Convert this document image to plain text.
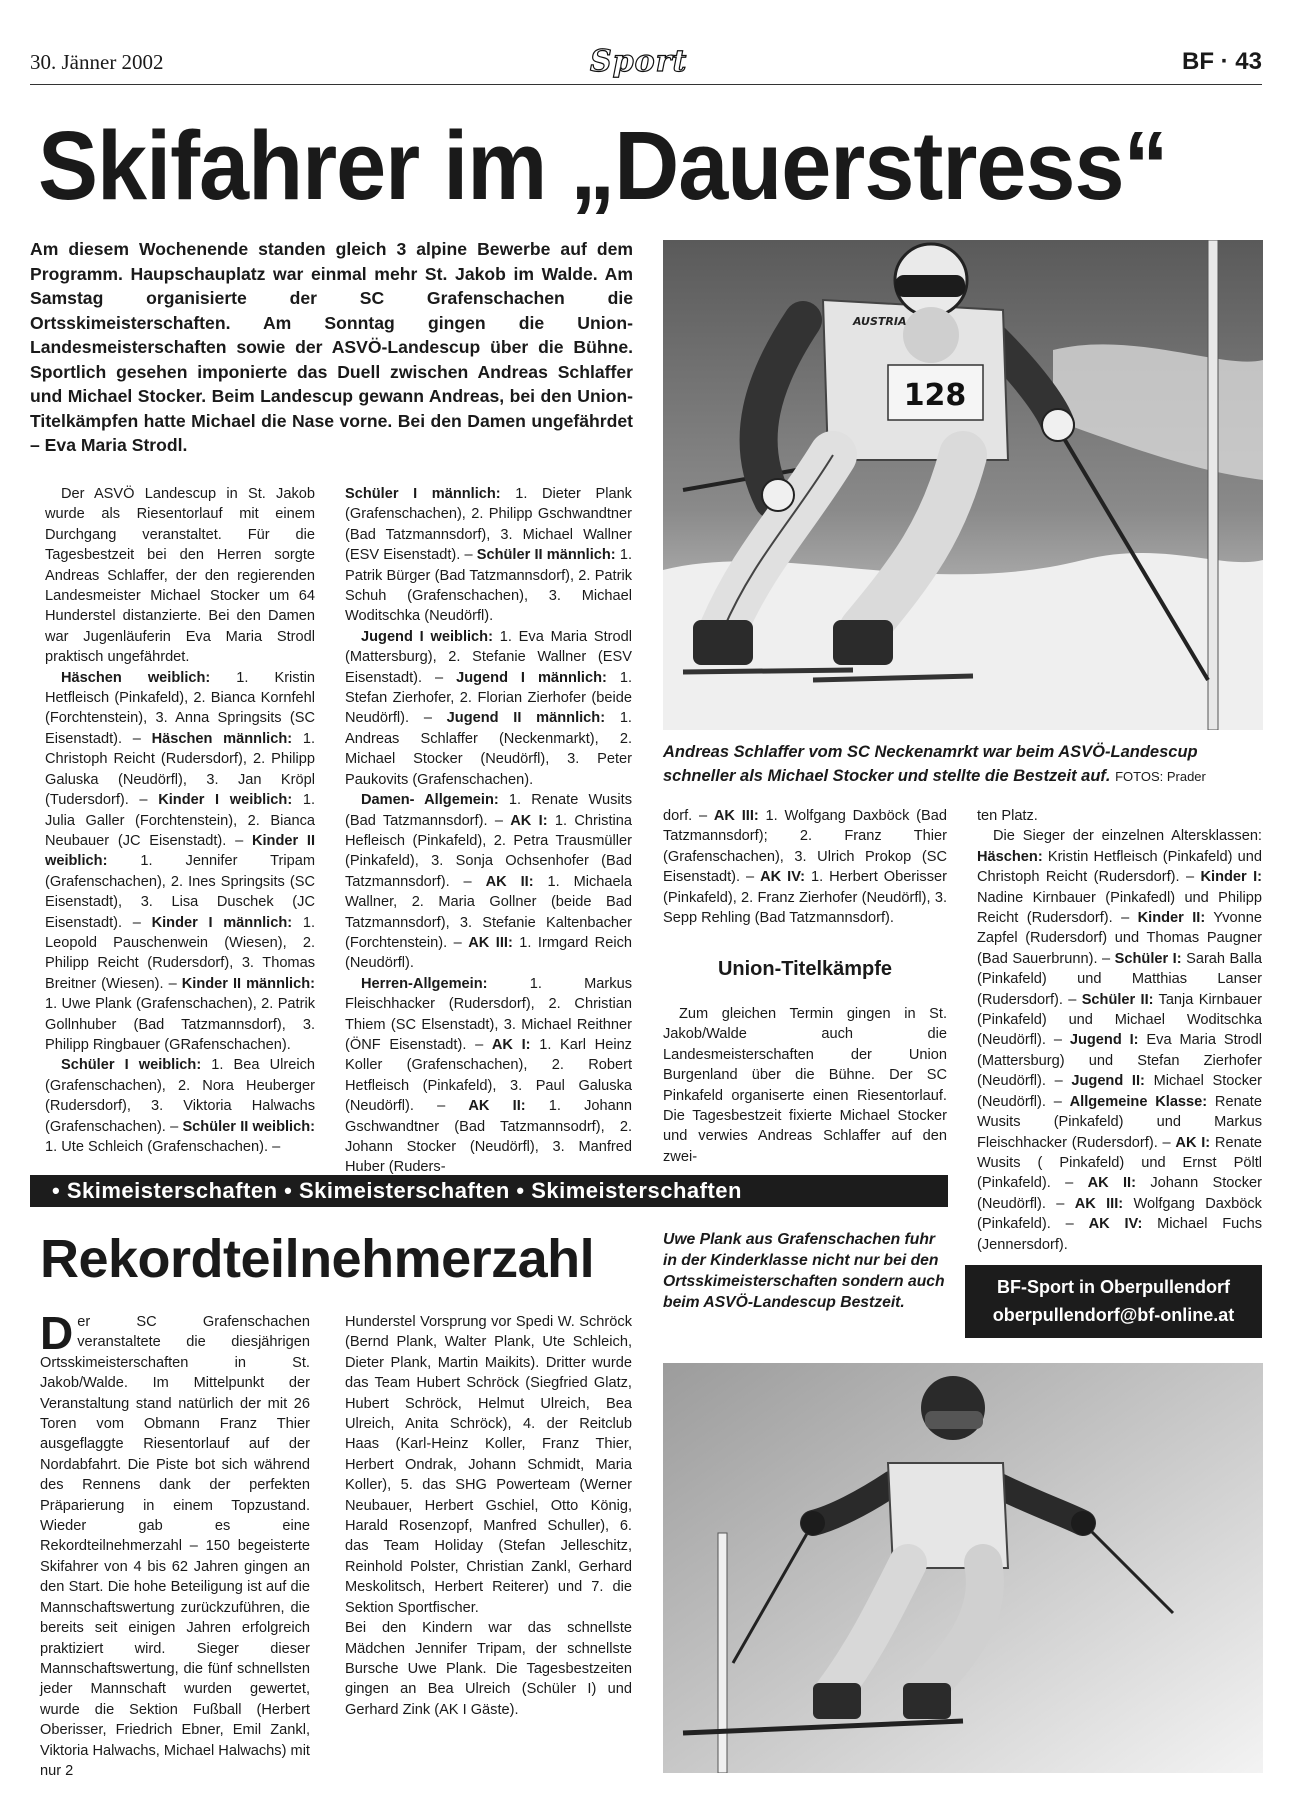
30. Jänner 2002	Sport	BF · 43
Skifahrer im „Dauerstress“
Am diesem Wochenende standen gleich 3 alpine Bewerbe auf dem Programm. Haupschauplatz war einmal mehr St. Jakob im Walde. Am Samstag organisierte der SC Grafenschachen die Ortsskimeisterschaften. Am Sonntag gingen die Union-Landesmeisterschaften sowie der ASVÖ-Landescup über die Bühne. Sportlich gesehen imponierte das Duell zwischen Andreas Schlaffer und Michael Stocker. Beim Landescup gewann Andreas, bei den Union-Titelkämpfen hatte Michael die Nase vorne. Bei den Damen ungefährdet – Eva Maria Strodl.

Der ASVÖ Landescup in St. Jakob wurde als Riesentorlauf mit einem Durchgang veranstaltet. Für die Tagesbestzeit bei den Herren sorgte Andreas Schlaffer, der den regierenden Landesmeister Michael Stocker um 64 Hunderstel distanzierte. Bei den Damen war Jugenläuferin Eva Maria Strodl praktisch ungefährdet.

Häschen weiblich: 1. Kristin Hetfleisch (Pinkafeld), 2. Bianca Kornfehl (Forchtenstein), 3. Anna Springsits (SC Eisenstadt). – Häschen männlich: 1. Christoph Reicht (Rudersdorf), 2. Philipp Galuska (Neudörfl), 3. Jan Kröpl (Tudersdorf). – Kinder I weiblich: 1. Julia Galler (Forchtenstein), 2. Bianca Neubauer (JC Eisenstadt). – Kinder II weiblich: 1. Jennifer Tripam (Grafenschachen), 2. Ines Springsits (SC Eisenstadt), 3. Lisa Duschek (JC Eisenstadt). – Kinder I männlich: 1. Leopold Pauschenwein (Wiesen), 2. Philipp Reicht (Rudersdorf), 3. Thomas Breitner (Wiesen). – Kinder II männlich: 1. Uwe Plank (Grafenschachen), 2. Patrik Gollnhuber (Bad Tatzmannsdorf), 3. Philipp Ringbauer (GRafenschachen).

Schüler I weiblich: 1. Bea Ulreich (Grafenschachen), 2. Nora Heuberger (Rudersdorf), 3. Viktoria Halwachs (Grafenschachen). – Schüler II weiblich: 1. Ute Schleich (Grafenschachen). –

Schüler I männlich: 1. Dieter Plank (Grafenschachen), 2. Philipp Gschwandtner (Bad Tatzmannsdorf), 3. Michael Wallner (ESV Eisenstadt). – Schüler II männlich: 1. Patrik Bürger (Bad Tatzmannsdorf), 2. Patrik Schuh (Grafenschachen), 3. Michael Woditschka (Neudörfl).

Jugend I weiblich: 1. Eva Maria Strodl (Mattersburg), 2. Stefanie Wallner (ESV Eisenstadt). – Jugend I männlich: 1. Stefan Zierhofer, 2. Florian Zierhofer (beide Neudörfl). – Jugend II männlich: 1. Andreas Schlaffer (Neckenmarkt), 2. Michael Stocker (Neudörfl), 3. Peter Paukovits (Grafenschachen).

Damen- Allgemein: 1. Renate Wusits (Bad Tatzmannsdorf). – AK I: 1. Christina Hefleisch (Pinkafeld), 2. Petra Trausmüller (Pinkafeld), 3. Sonja Ochsenhofer (Bad Tatzmannsdorf). – AK II: 1. Michaela Wallner, 2. Maria Gollner (beide Bad Tatzmannsdorf), 3. Stefanie Kaltenbacher (Forchtenstein). – AK III: 1. Irmgard Reich (Neudörfl).

Herren-Allgemein: 1. Markus Fleischhacker (Rudersdorf), 2. Christian Thiem (SC Elsenstadt), 3. Michael Reithner (ÖNF Eisenstadt). – AK I: 1. Karl Heinz Koller (Grafenschachen), 2. Robert Hetfleisch (Pinkafeld), 3. Paul Galuska (Neudörfl). – AK II: 1. Johann Gschwandtner (Bad Tatzmannsodrf), 2. Johann Stocker (Neudörfl), 3. Manfred Huber (Ruders-

dorf. – AK III: 1. Wolfgang Daxböck (Bad Tatzmannsdorf); 2. Franz Thier (Grafenschachen), 3. Ulrich Prokop (SC Eisenstadt). – AK IV: 1. Herbert Oberisser (Pinkafeld), 2. Franz Zierhofer (Neudörfl), 3. Sepp Rehling (Bad Tatzmannsdorf).

Union-Titelkämpfe

Zum gleichen Termin gingen in St. Jakob/Walde auch die Landesmeisterschaften der Union Burgenland über die Bühne. Der SC Pinkafeld organiserte einen Riesentorlauf. Die Tagesbestzeit fixierte Michael Stocker und verwies Andreas Schlaffer auf den zwei-

ten Platz.

Die Sieger der einzelnen Altersklassen: Häschen: Kristin Hetfleisch (Pinkafeld) und Christoph Reicht (Rudersdorf). – Kinder I: Nadine Kirnbauer (Pinkafedl) und Philipp Reicht (Rudersdorf). – Kinder II: Yvonne Zapfel (Rudersdorf) und Thomas Paugner (Bad Sauerbrunn). – Schüler I: Sarah Balla (Pinkafeld) und Matthias Lanser (Rudersdorf). – Schüler II: Tanja Kirnbauer (Pinkafeld) und Michael Woditschka (Neudörfl). – Jugend I: Eva Maria Strodl (Mattersburg) und Stefan Zierhofer (Neudörfl). – Jugend II: Michael Stocker (Neudörfl). – Allgemeine Klasse: Renate Wusits (Pinkafeld) und Markus Fleischhacker (Rudersdorf). – AK I: Renate Wusits ( Pinkafeld) und Ernst Pöltl (Pinkafeld). – AK II: Johann Stocker (Neudörfl). – AK III: Wolfgang Daxböck (Pinkafeld). – AK IV: Michael Fuchs (Jennersdorf).

128
AUSTRIA
Andreas Schlaffer vom SC Neckenamrkt war beim ASVÖ-Landescup schneller als Michael Stocker und stellte die Bestzeit auf. FOTOS: Prader
• Skimeisterschaften • Skimeisterschaften • Skimeisterschaften
Rekordteilnehmerzahl	Uwe Plank aus Grafenschachen fuhr in der Kinderklasse nicht nur bei den Ortsskimeisterschaften sondern auch beim ASVÖ-Landescup Bestzeit.
BF-Sport in Oberpullendorf
oberpullendorf@bf-online.at

Der SC Grafenschachen veranstaltete die diesjährigen Ortsskimeisterschaften in St. Jakob/Walde. Im Mittelpunkt der Veranstaltung stand natürlich der mit 26 Toren vom Obmann Franz Thier ausgeflaggte Riesentorlauf auf der Nordabfahrt. Die Piste bot sich während des Rennens dank der perfekten Präparierung in einem Topzustand. Wieder gab es eine Rekordteilnehmerzahl – 150 begeisterte Skifahrer von 4 bis 62 Jahren gingen an den Start. Die hohe Beteiligung ist auf die Mannschaftswertung zurückzuführen, die bereits seit einigen Jahren erfolgreich praktiziert wird. Sieger dieser Mannschaftswertung, die fünf schnellsten jeder Mannschaft wurden gewertet, wurde die Sektion Fußball (Herbert Oberisser, Friedrich Ebner, Emil Zankl, Viktoria Halwachs, Michael Halwachs) mit nur 2

Hunderstel Vorsprung vor Spedi W. Schröck (Bernd Plank, Walter Plank, Ute Schleich, Dieter Plank, Martin Maikits). Dritter wurde das Team Hubert Schröck (Siegfried Glatz, Hubert Schröck, Helmut Ulreich, Bea Ulreich, Anita Schröck), 4. der Reitclub Haas (Karl-Heinz Koller, Franz Thier, Herbert Ondrak, Johann Schmidt, Maria Koller), 5. das SHG Powerteam (Werner Neubauer, Herbert Gschiel, Otto König, Harald Rosenzopf, Manfred Schuller), 6. das Team Holiday (Stefan Jelleschitz, Reinhold Polster, Christian Zankl, Gerhard Meskolitsch, Herbert Reiterer) und 7. die Sektion Sportfischer.

Bei den Kindern war das schnellste Mädchen Jennifer Tripam, der schnellste Bursche Uwe Plank. Die Tagesbestzeiten gingen an Bea Ulreich (Schüler I) und Gerhard Zink (AK I Gäste).
